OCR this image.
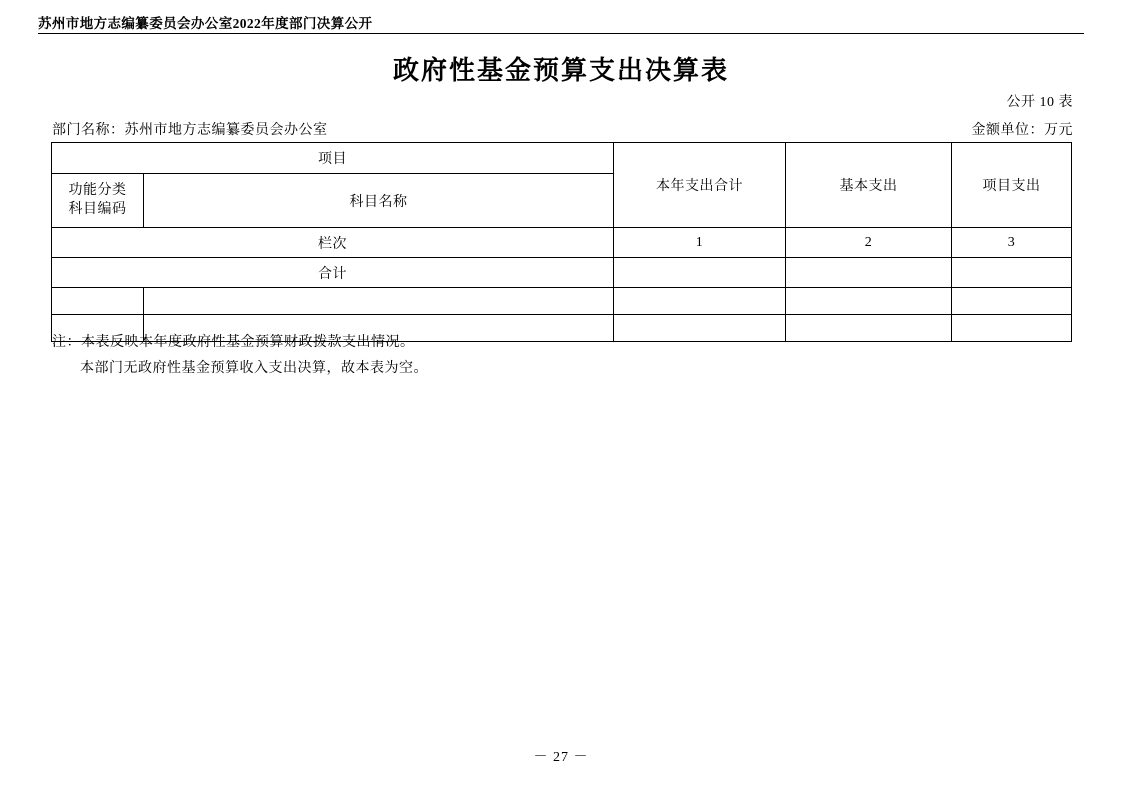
苏州市地方志编纂委员会办公室2022年度部门决算公开
政府性基金预算支出决算表
公开 10 表
部门名称：苏州市地方志编纂委员会办公室	金额单位：万元
项目		本年支出合计	基本支出	项目支出

功能分类
科目编码	科目名称			
栏次		1	2	3
合计				

注：本表反映本年度政府性基金预算财政拨款支出情况。
本部门无政府性基金预算收入支出决算，故本表为空。
－ 27 －
